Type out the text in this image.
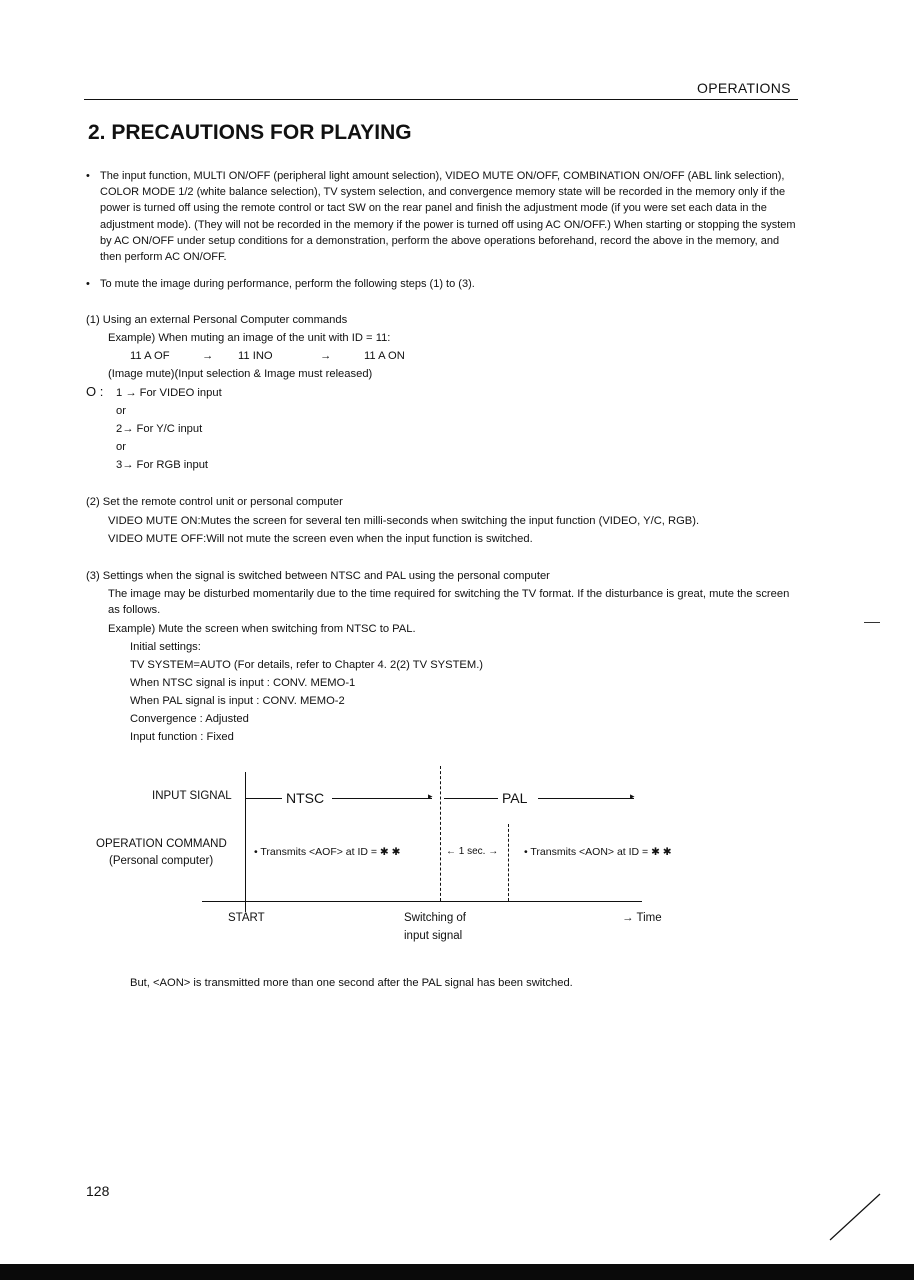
OPERATIONS
2. PRECAUTIONS FOR PLAYING
• The input function, MULTI ON/OFF (peripheral light amount selection), VIDEO MUTE ON/OFF, COMBINATION ON/OFF (ABL link selection), COLOR MODE 1/2 (white balance selection), TV system selection, and convergence memory state will be recorded in the memory only if the power is turned off using the remote control or tact SW on the rear panel and finish the adjustment mode (if you were set each data in the adjustment mode). (They will not be recorded in the memory if the power is turned off using AC ON/OFF.) When starting or stopping the system by AC ON/OFF under setup conditions for a demonstration, perform the above operations beforehand, record the above in the memory, and then perform AC ON/OFF.
• To mute the image during performance, perform the following steps (1) to (3).
(1) Using an external Personal Computer commands
Example) When muting an image of the unit with ID = 11:
11 A OF	→ 11 INO	→	11 A ON
(Image mute)(Input selection & Image must released)
O : 1 → For VIDEO input
or
2→ For Y/C input
or
3→ For RGB input
(2) Set the remote control unit or personal computer
VIDEO MUTE ON:Mutes the screen for several ten milli-seconds when switching the input function (VIDEO, Y/C, RGB).
VIDEO MUTE OFF:Will not mute the screen even when the input function is switched.
(3) Settings when the signal is switched between NTSC and PAL using the personal computer
The image may be disturbed momentarily due to the time required for switching the TV format. If the disturbance is great, mute the screen as follows.
Example) Mute the screen when switching from NTSC to PAL.
Initial settings:
TV SYSTEM=AUTO (For details, refer to Chapter 4. 2(2) TV SYSTEM.)
When NTSC signal is input : CONV. MEMO-1
When PAL signal is input : CONV. MEMO-2
Convergence : Adjusted
Input function : Fixed
INPUT SIGNAL	NTSC	▸	PAL	▸
OPERATION COMMAND
(Personal computer)
• Transmits <AOF> at ID = ✱ ✱	← 1 sec. → • Transmits <AON> at ID = ✱ ✱
START	Switching of
input signal
→ Time
But, <AON> is transmitted more than one second after the PAL signal has been switched.
128
